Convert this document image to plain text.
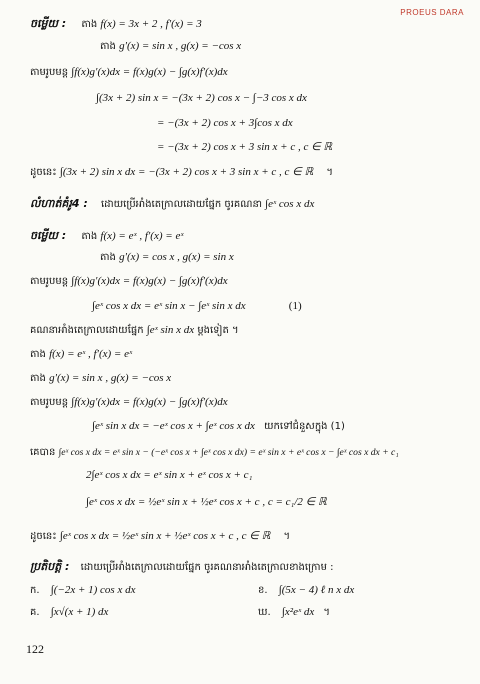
PROEUS DARA
ចម្លើយ : តាង f(x) = 3x + 2 , f′(x) = 3
តាង g′(x) = sin x , g(x) = −cos x
តាមរូបមន្ត ∫f(x)g′(x)dx = f(x)g(x) − ∫g(x)f′(x)dx
∫(3x + 2) sin x = −(3x + 2) cos x − ∫−3 cos x dx
= −(3x + 2) cos x + 3∫cos x dx
= −(3x + 2) cos x + 3 sin x + c , c ∈ ℝ
ដូចនេះ ∫(3x + 2) sin x dx = −(3x + 2) cos x + 3 sin x + c , c ∈ ℝ ។
លំហាត់គំរូ4 : ដោយប្រើអាំងតេក្រាលដោយផ្នែក ចូរគណនា ∫eˣ cos x dx
ចម្លើយ : តាង f(x) = eˣ , f′(x) = eˣ
តាង g′(x) = cos x , g(x) = sin x
តាមរូបមន្ត ∫f(x)g′(x)dx = f(x)g(x) − ∫g(x)f′(x)dx
∫eˣ cos x dx = eˣ sin x − ∫eˣ sin x dx	(1)
គណនាអាំងតេក្រាលដោយផ្នែក ∫eˣ sin x dx ម្តងទៀត ។
តាង f(x) = eˣ , f′(x) = eˣ
តាង g′(x) = sin x , g(x) = −cos x
តាមរូបមន្ត ∫f(x)g′(x)dx = f(x)g(x) − ∫g(x)f′(x)dx
∫eˣ sin x dx = −eˣ cos x + ∫eˣ cos x dx យកទៅជំនួសក្នុង (1)
គេបាន ∫eˣ cos x dx = eˣ sin x − (−eˣ cos x + ∫eˣ cos x dx) = eˣ sin x + eˣ cos x − ∫eˣ cos x dx + c₁
2∫eˣ cos x dx = eˣ sin x + eˣ cos x + c₁
∫eˣ cos x dx = ½eˣ sin x + ½eˣ cos x + c , c = c₁/2 ∈ ℝ
ដូចនេះ ∫eˣ cos x dx = ½eˣ sin x + ½eˣ cos x + c , c ∈ ℝ ។
ប្រតិបត្តិ : ដោយប្រើអាំងតេក្រាលដោយផ្នែក ចូរគណនាអាំងតេក្រាលខាងក្រោម :
ក. ∫(−2x + 1) cos x dx	ខ. ∫(5x − 4) ℓ n x dx
គ. ∫x√(x + 1) dx	ឃ. ∫x²eˣ dx ។
122
